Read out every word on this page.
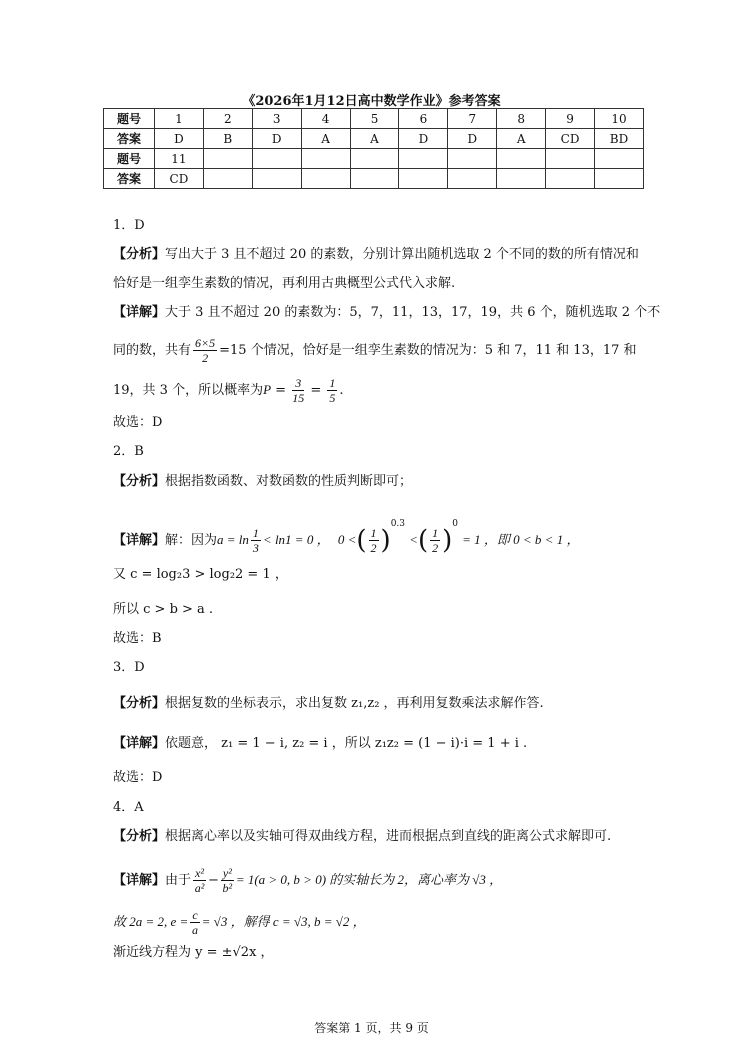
《2026年1月12日高中数学作业》参考答案
题号	1	2	3	4	5	6	7	8	9	10
答案	D	B	D	A	A	D	D	A	CD	BD
题号	11									
答案	CD									
1．D
【分析】写出大于 3 且不超过 20 的素数，分别计算出随机选取 2 个不同的数的所有情况和
恰好是一组孪生素数的情况，再利用古典概型公式代入求解.
【详解】大于 3 且不超过 20 的素数为：5，7，11，13，17，19，共 6 个，随机选取 2 个不
同的数，共有 $\frac{6\times 5}{2} =15$ 个情况，恰好是一组孪生素数的情况为：5 和 7，11 和 13，17 和
19，共 3 个，所以概率为$P = \frac{3}{15} = \frac{1}{5}$ .
故选：D
2．B
【分析】根据指数函数、对数函数的性质判断即可；
【详解】解：因为$a = \ln \frac{1}{3} < \ln 1 = 0$ ， 0 <( $\frac{1}{2} )^{0.3}$ <( $\frac{1}{2} )^0 = 1$ ，即 0 < b < 1 ，
又 c = log₂3 > log₂2 = 1 ，
所以 c > b > a .
故选：B
3．D
【分析】根据复数的坐标表示，求出复数 z₁,z₂ ，再利用复数乘法求解作答.
【详解】依题意， z₁ = 1 − i, z₂ = i ，所以 z₁z₂ = (1 − i)·i = 1 + i .
故选：D
4．A
【分析】根据离心率以及实轴可得双曲线方程，进而根据点到直线的距离公式求解即可.
【详解】由于 $\frac{\text{x²}}{\text{a²}} - \frac{\text{y²}}{\text{b²}} = 1(a > 0$, b > 0) 的实轴长为 2，离心率为 √3 ，
故 2a = 2, $e = \frac{c}{a} = √3$ ，解得 c = √3, b = √2 ，
渐近线方程为 y = ±√2x ，
答案第 1 页，共 9 页
